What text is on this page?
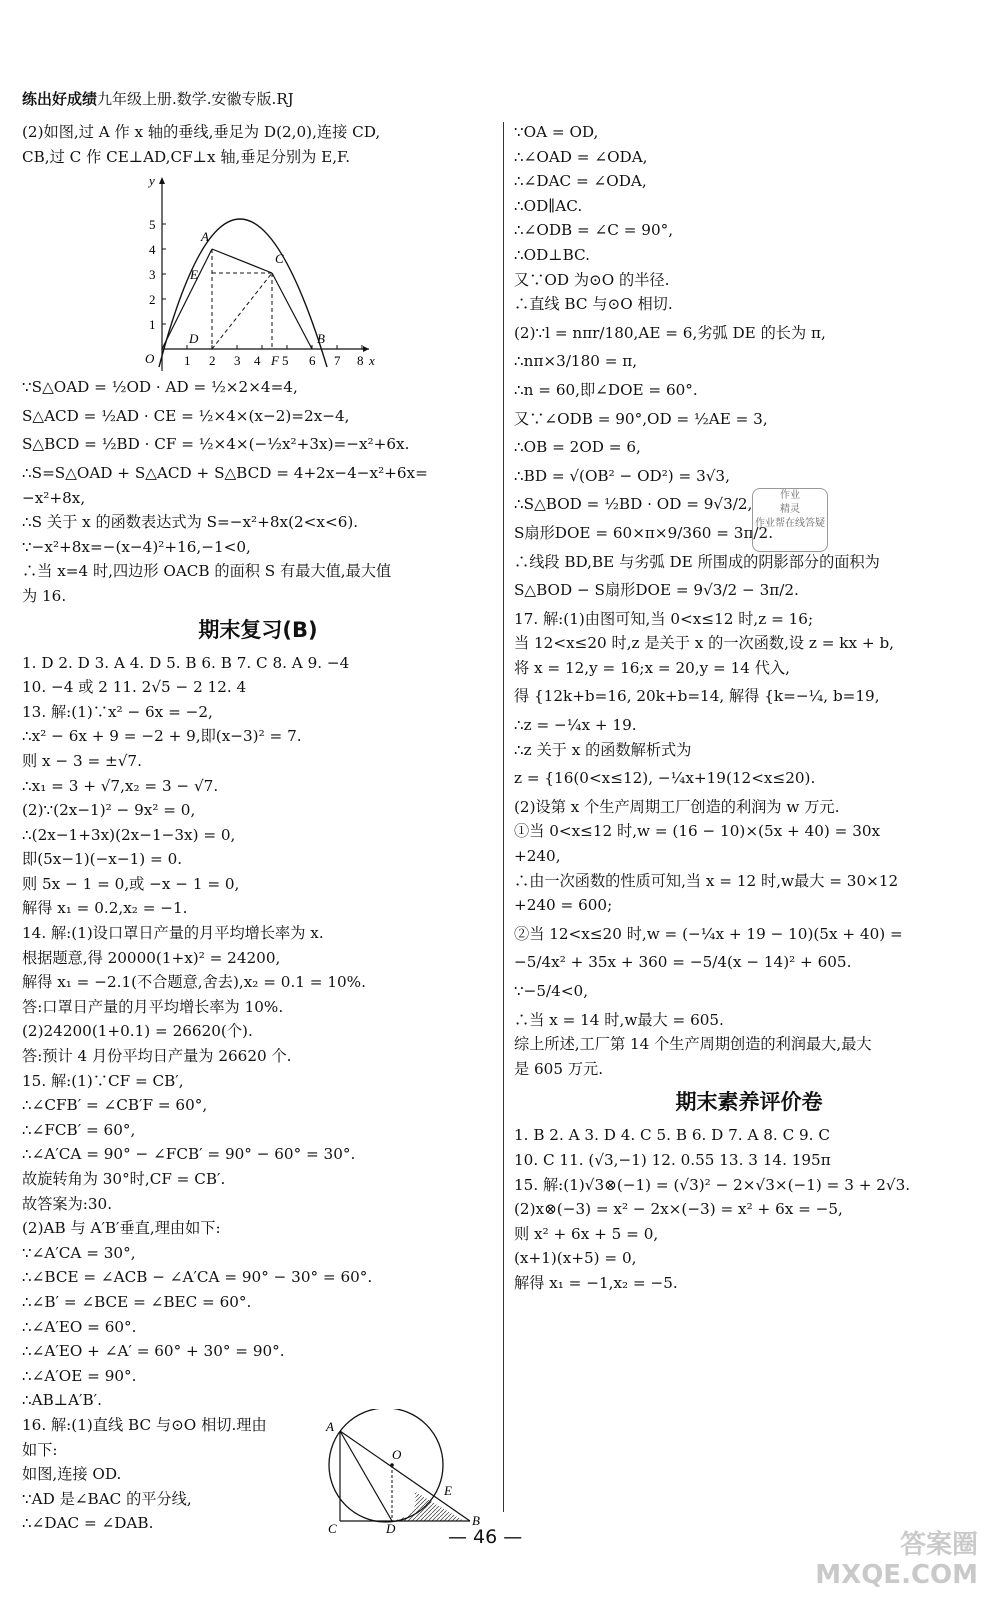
练出好成绩九年级上册.数学.安徽专版.RJ
(2)如图,过 A 作 x 轴的垂线,垂足为 D(2,0),连接 CD,
CB,过 C 作 CE⊥AD,CF⊥x 轴,垂足分别为 E,F.
1 2 3 4 5 6 7 8
1
2
3
4
5
y
x
O
A
C
D
E
F
B
∵S△OAD = ½OD · AD = ½×2×4=4,
S△ACD = ½AD · CE = ½×4×(x−2)=2x−4,
S△BCD = ½BD · CF = ½×4×(−½x²+3x)=−x²+6x.
∴S=S△OAD + S△ACD + S△BCD = 4+2x−4−x²+6x=
−x²+8x,
∴S 关于 x 的函数表达式为 S=−x²+8x(2<x<6).
∵−x²+8x=−(x−4)²+16,−1<0,
∴当 x=4 时,四边形 OACB 的面积 S 有最大值,最大值
为 16.
期末复习(B)
1. D 2. D 3. A 4. D 5. B 6. B 7. C 8. A 9. −4
10. −4 或 2 11. 2√5 − 2 12. 4
13. 解:(1)∵x² − 6x = −2,
∴x² − 6x + 9 = −2 + 9,即(x−3)² = 7.
则 x − 3 = ±√7.
∴x₁ = 3 + √7,x₂ = 3 − √7.
(2)∵(2x−1)² − 9x² = 0,
∴(2x−1+3x)(2x−1−3x) = 0,
即(5x−1)(−x−1) = 0.
则 5x − 1 = 0,或 −x − 1 = 0,
解得 x₁ = 0.2,x₂ = −1.
14. 解:(1)设口罩日产量的月平均增长率为 x.
根据题意,得 20000(1+x)² = 24200,
解得 x₁ = −2.1(不合题意,舍去),x₂ = 0.1 = 10%.
答:口罩日产量的月平均增长率为 10%.
(2)24200(1+0.1) = 26620(个).
答:预计 4 月份平均日产量为 26620 个.
15. 解:(1)∵CF = CB′,
∴∠CFB′ = ∠CB′F = 60°,
∴∠FCB′ = 60°,
∴∠A′CA = 90° − ∠FCB′ = 90° − 60° = 30°.
故旋转角为 30°时,CF = CB′.
故答案为:30.
(2)AB 与 A′B′垂直,理由如下:
∵∠A′CA = 30°,
∴∠BCE = ∠ACB − ∠A′CA = 90° − 30° = 60°.
∴∠B′ = ∠BCE = ∠BEC = 60°.
∴∠A′EO = 60°.
∴∠A′EO + ∠A′ = 60° + 30° = 90°.
∴∠A′OE = 90°.
∴AB⊥A′B′.
16. 解:(1)直线 BC 与⊙O 相切.理由
如下:
如图,连接 OD.
∵AD 是∠BAC 的平分线,
∴∠DAC = ∠DAB.
A
O
E
C	D
B
∵OA = OD,
∴∠OAD = ∠ODA,
∴∠DAC = ∠ODA,
∴OD∥AC.
∴∠ODB = ∠C = 90°,
∴OD⊥BC.
又∵OD 为⊙O 的半径.
∴直线 BC 与⊙O 相切.
(2)∵l = nπr/180,AE = 6,劣弧 DE 的长为 π,
∴nπ×3/180 = π,
∴n = 60,即∠DOE = 60°.
又∵∠ODB = 90°,OD = ½AE = 3,
∴OB = 2OD = 6,
∴BD = √(OB² − OD²) = 3√3,
∴S△BOD = ½BD · OD = 9√3/2,
S扇形DOE = 60×π×9/360 = 3π/2.
∴线段 BD,BE 与劣弧 DE 所围成的阴影部分的面积为
S△BOD − S扇形DOE = 9√3/2 − 3π/2.
17. 解:(1)由图可知,当 0<x≤12 时,z = 16;
当 12<x≤20 时,z 是关于 x 的一次函数,设 z = kx + b,
将 x = 12,y = 16;x = 20,y = 14 代入,
得 {12k+b=16, 20k+b=14, 解得 {k=−¼, b=19,
∴z = −¼x + 19.
∴z 关于 x 的函数解析式为
z = {16(0<x≤12), −¼x+19(12<x≤20).
(2)设第 x 个生产周期工厂创造的利润为 w 万元.
①当 0<x≤12 时,w = (16 − 10)×(5x + 40) = 30x
+240,
∴由一次函数的性质可知,当 x = 12 时,w最大 = 30×12
+240 = 600;
②当 12<x≤20 时,w = (−¼x + 19 − 10)(5x + 40) =
−5/4x² + 35x + 360 = −5/4(x − 14)² + 605.
∵−5/4<0,
∴当 x = 14 时,w最大 = 605.
综上所述,工厂第 14 个生产周期创造的利润最大,最大
是 605 万元.
期末素养评价卷
1. B 2. A 3. D 4. C 5. B 6. D 7. A 8. C 9. C
10. C 11. (√3,−1) 12. 0.55 13. 3 14. 195π
15. 解:(1)√3⊗(−1) = (√3)² − 2×√3×(−1) = 3 + 2√3.
(2)x⊗(−3) = x² − 2x×(−3) = x² + 6x = −5,
则 x² + 6x + 5 = 0,
(x+1)(x+5) = 0,
解得 x₁ = −1,x₂ = −5.
作业
精灵
作业帮在线答疑
— 46 —	答案圈
MXQE.COM
